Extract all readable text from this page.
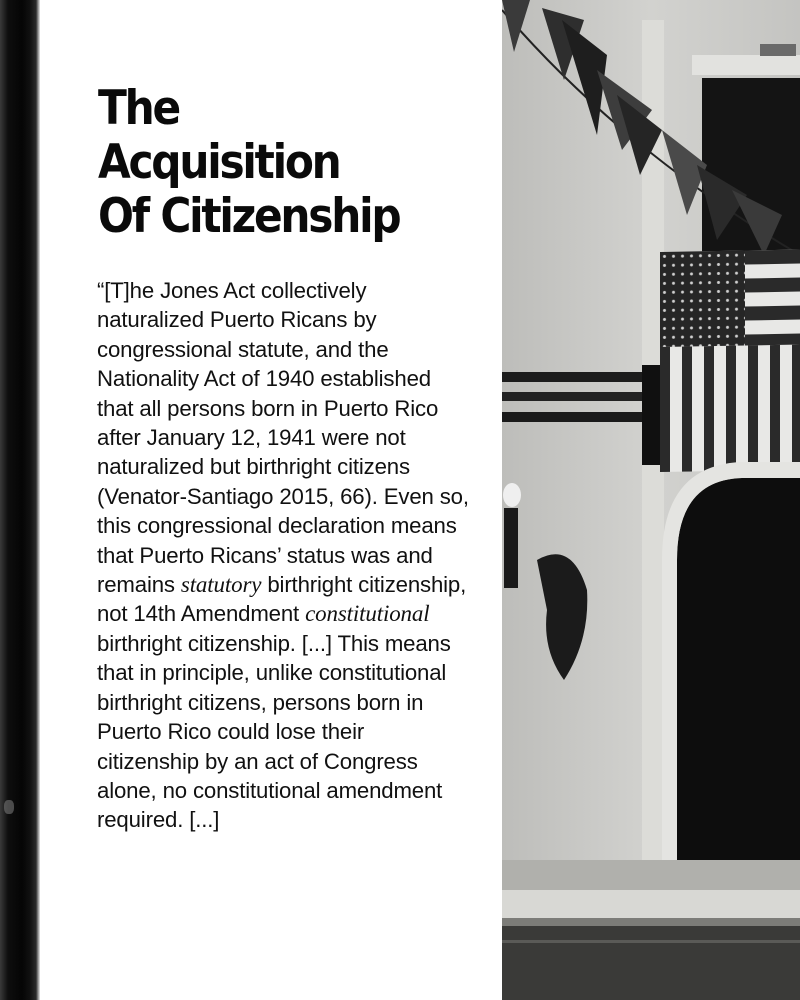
The
Acquisition
Of Citizenship

“[T]he Jones Act collectively naturalized Puerto Ricans by congressional statute, and the Nationality Act of 1940 established that all persons born in Puerto Rico after January 12, 1941 were not naturalized but birthright citizens (Venator-Santiago 2015, 66). Even so, this congressional declaration means that Puerto Ricans’ status was and remains statutory birthright citizenship, not 14th Amendment constitutional birthright citizenship. [...] This means that in principle, unlike constitutional birthright citizens, persons born in Puerto Rico could lose their citizenship by an act of Congress alone, no constitutional amendment required. [...]
